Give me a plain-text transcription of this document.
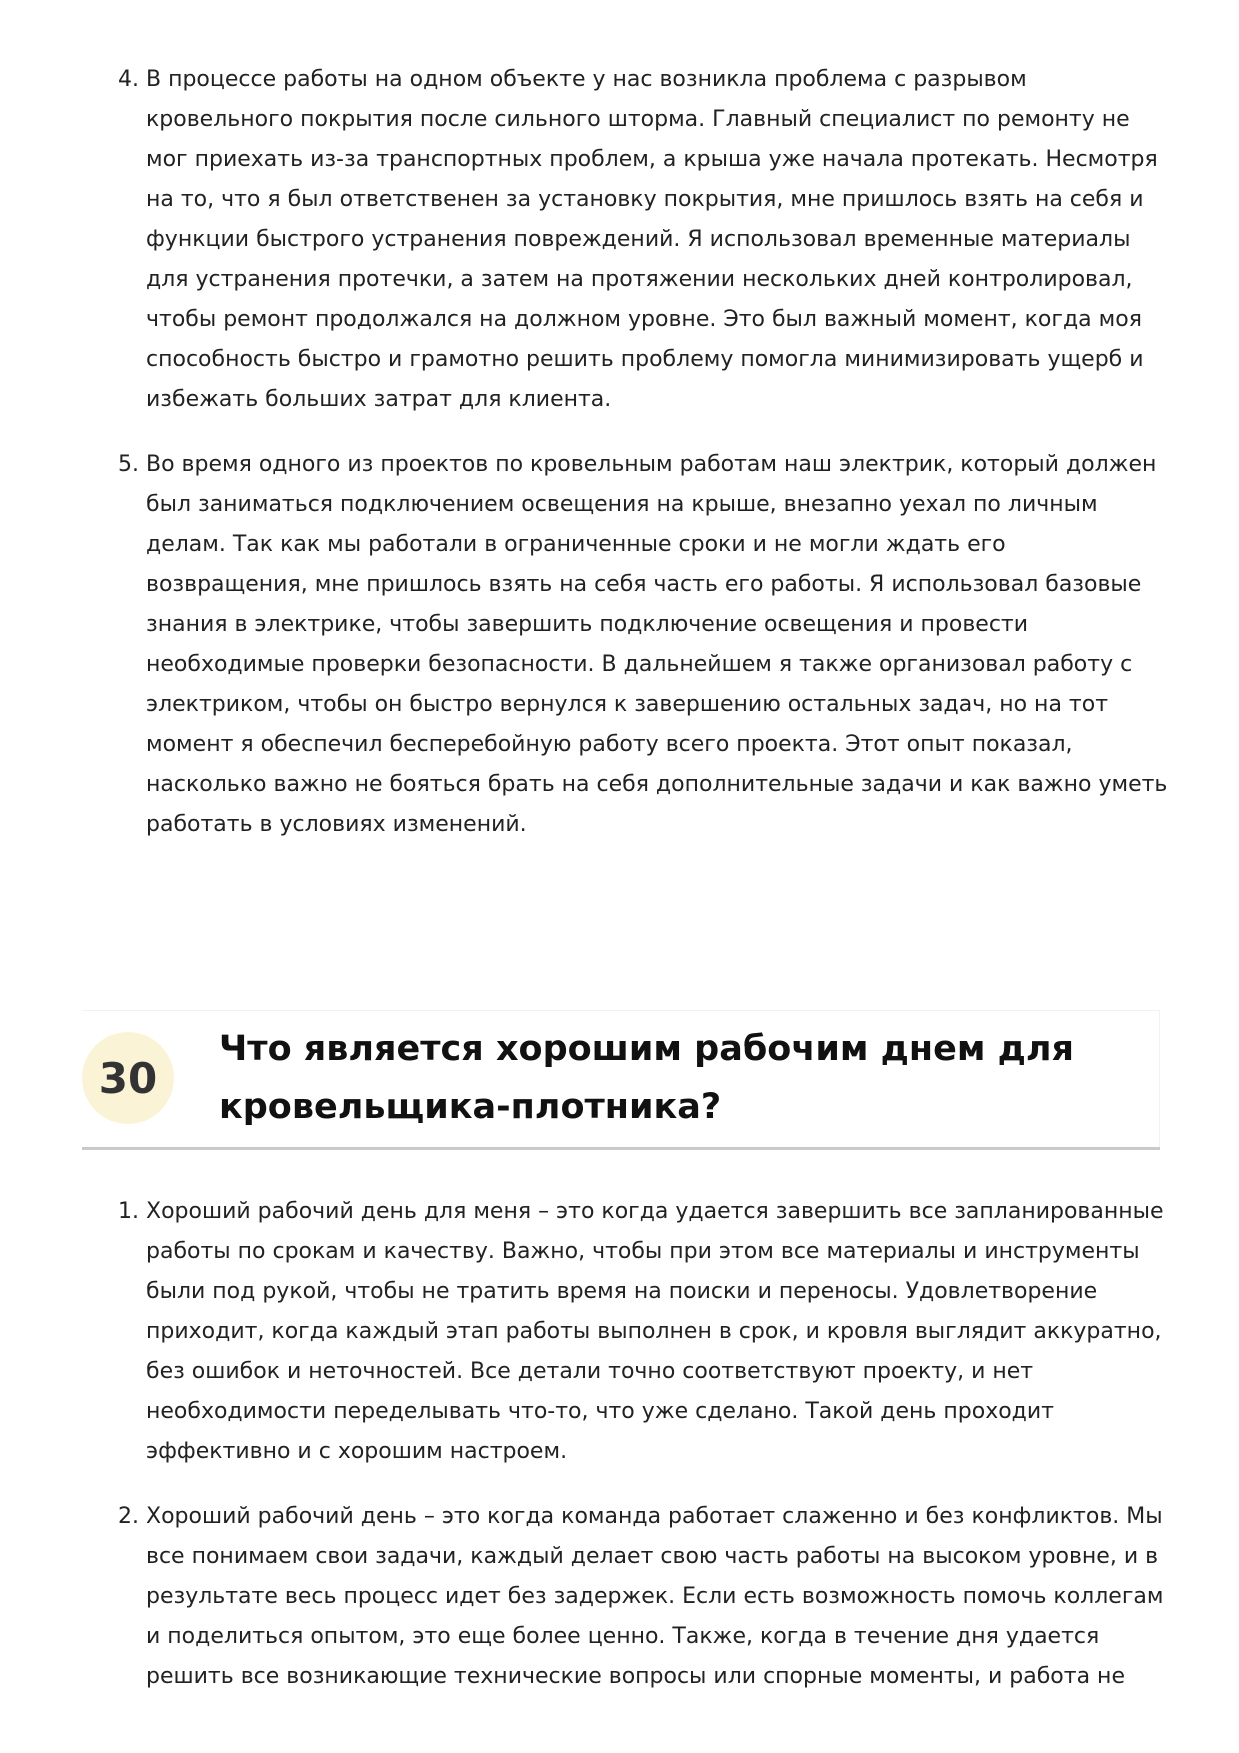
4. В процессе работы на одном объекте у нас возникла проблема с разрывом кровельного покрытия после сильного шторма. Главный специалист по ремонту не мог приехать из-за транспортных проблем, а крыша уже начала протекать. Несмотря на то, что я был ответственен за установку покрытия, мне пришлось взять на себя и функции быстрого устранения повреждений. Я использовал временные материалы для устранения протечки, а затем на протяжении нескольких дней контролировал, чтобы ремонт продолжался на должном уровне. Это был важный момент, когда моя способность быстро и грамотно решить проблему помогла минимизировать ущерб и избежать больших затрат для клиента.
5. Во время одного из проектов по кровельным работам наш электрик, который должен был заниматься подключением освещения на крыше, внезапно уехал по личным делам. Так как мы работали в ограниченные сроки и не могли ждать его возвращения, мне пришлось взять на себя часть его работы. Я использовал базовые знания в электрике, чтобы завершить подключение освещения и провести необходимые проверки безопасности. В дальнейшем я также организовал работу с электриком, чтобы он быстро вернулся к завершению остальных задач, но на тот момент я обеспечил бесперебойную работу всего проекта. Этот опыт показал, насколько важно не бояться брать на себя дополнительные задачи и как важно уметь работать в условиях изменений.
30
Что является хорошим рабочим днем для кровельщика-плотника?
1. Хороший рабочий день для меня – это когда удается завершить все запланированные работы по срокам и качеству. Важно, чтобы при этом все материалы и инструменты были под рукой, чтобы не тратить время на поиски и переносы. Удовлетворение приходит, когда каждый этап работы выполнен в срок, и кровля выглядит аккуратно, без ошибок и неточностей. Все детали точно соответствуют проекту, и нет необходимости переделывать что-то, что уже сделано. Такой день проходит эффективно и с хорошим настроем.
2. Хороший рабочий день – это когда команда работает слаженно и без конфликтов. Мы все понимаем свои задачи, каждый делает свою часть работы на высоком уровне, и в результате весь процесс идет без задержек. Если есть возможность помочь коллегам и поделиться опытом, это еще более ценно. Также, когда в течение дня удается решить все возникающие технические вопросы или спорные моменты, и работа не
